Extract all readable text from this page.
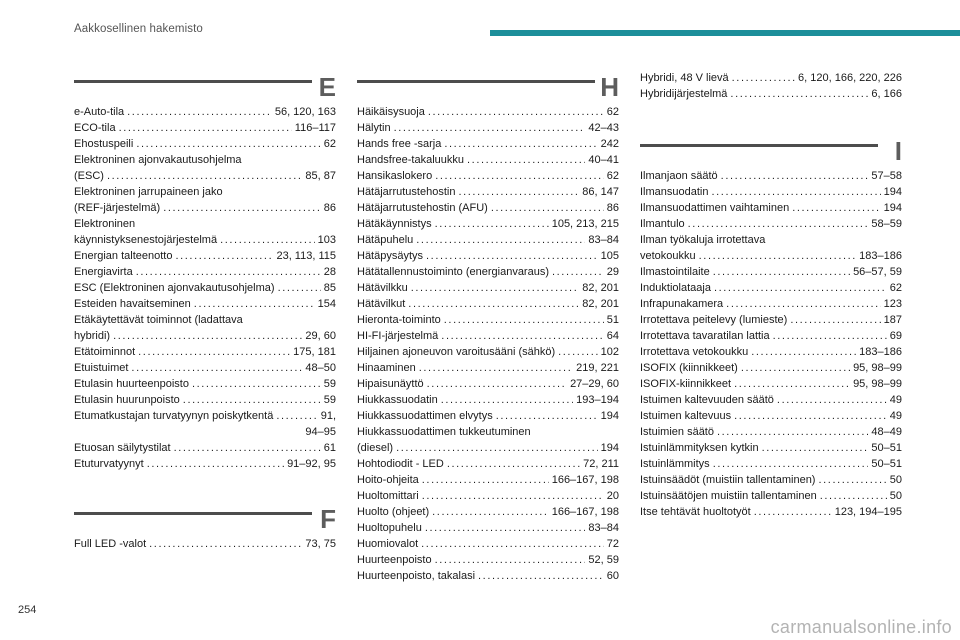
Aakkosellinen hakemisto
E
e-Auto-tila .....	56, 120, 163
ECO-tila .....	116–117
Ehostuspeili .....	62
Elektroninen ajonvakautusohjelma
(ESC) .....	85, 87
Elektroninen jarrupaineen jako
(REF-järjestelmä) .....	86
Elektroninen
käynnistyksenestojärjestelmä .....	103
Energian talteenotto .....	23, 113, 115
Energiavirta .....	28
ESC (Elektroninen ajonvakautusohjelma) .....	85
Esteiden havaitseminen .....	154
Etäkäytettävät toiminnot (ladattava
hybridi) .....	29, 60
Etätoiminnot .....	175, 181
Etuistuimet .....	48–50
Etulasin huurteenpoisto .....	59
Etulasin huurunpoisto .....	59
Etumatkustajan turvatyynyn poiskytkentä .....	91,
94–95
Etuosan säilytystilat .....	61
Etuturvatyynyt .....	91–92, 95
F
Full LED -valot .....	73, 75
H
Häikäisysuoja .....	62
Hälytin .....	42–43
Hands free -sarja .....	242
Handsfree-takaluukku .....	40–41
Hansikaslokero .....	62
Hätäjarrutustehostin .....	86, 147
Hätäjarrutustehostin (AFU) .....	86
Hätäkäynnistys .....	105, 213, 215
Hätäpuhelu .....	83–84
Hätäpysäytys .....	105
Hätätallennustoiminto (energianvaraus) .....	29
Hätävilkku .....	82, 201
Hätävilkut .....	82, 201
Hieronta-toiminto .....	51
HI-FI-järjestelmä .....	64
Hiljainen ajoneuvon varoitusääni (sähkö) .....	102
Hinaaminen .....	219, 221
Hipaisunäyttö .....	27–29, 60
Hiukkassuodatin .....	193–194
Hiukkassuodattimen elvytys .....	194
Hiukkassuodattimen tukkeutuminen
(diesel) .....	194
Hohtodiodit - LED .....	72, 211
Hoito-ohjeita .....	166–167, 198
Huoltomittari .....	20
Huolto (ohjeet) .....	166–167, 198
Huoltopuhelu .....	83–84
Huomiovalot .....	72
Huurteenpoisto .....	52, 59
Huurteenpoisto, takalasi .....	60
Hybridi, 48 V lievä .....	6, 120, 166, 220, 226
Hybridijärjestelmä .....	6, 166
I
Ilmanjaon säätö .....	57–58
Ilmansuodatin .....	194
Ilmansuodattimen vaihtaminen .....	194
Ilmantulo .....	58–59
Ilman työkaluja irrotettava
vetokoukku .....	183–186
Ilmastointilaite .....	56–57, 59
Induktiolataaja .....	62
Infrapunakamera .....	123
Irrotettava peitelevy (lumieste) .....	187
Irrotettava tavaratilan lattia .....	69
Irrotettava vetokoukku .....	183–186
ISOFIX (kiinnikkeet) .....	95, 98–99
ISOFIX-kiinnikkeet .....	95, 98–99
Istuimen kaltevuuden säätö .....	49
Istuimen kaltevuus .....	49
Istuimien säätö .....	48–49
Istuinlämmityksen kytkin .....	50–51
Istuinlämmitys .....	50–51
Istuinsäädöt (muistiin tallentaminen) .....	50
Istuinsäätöjen muistiin tallentaminen .....	50
Itse tehtävät huoltotyöt .....	123, 194–195
254
carmanualsonline.info
